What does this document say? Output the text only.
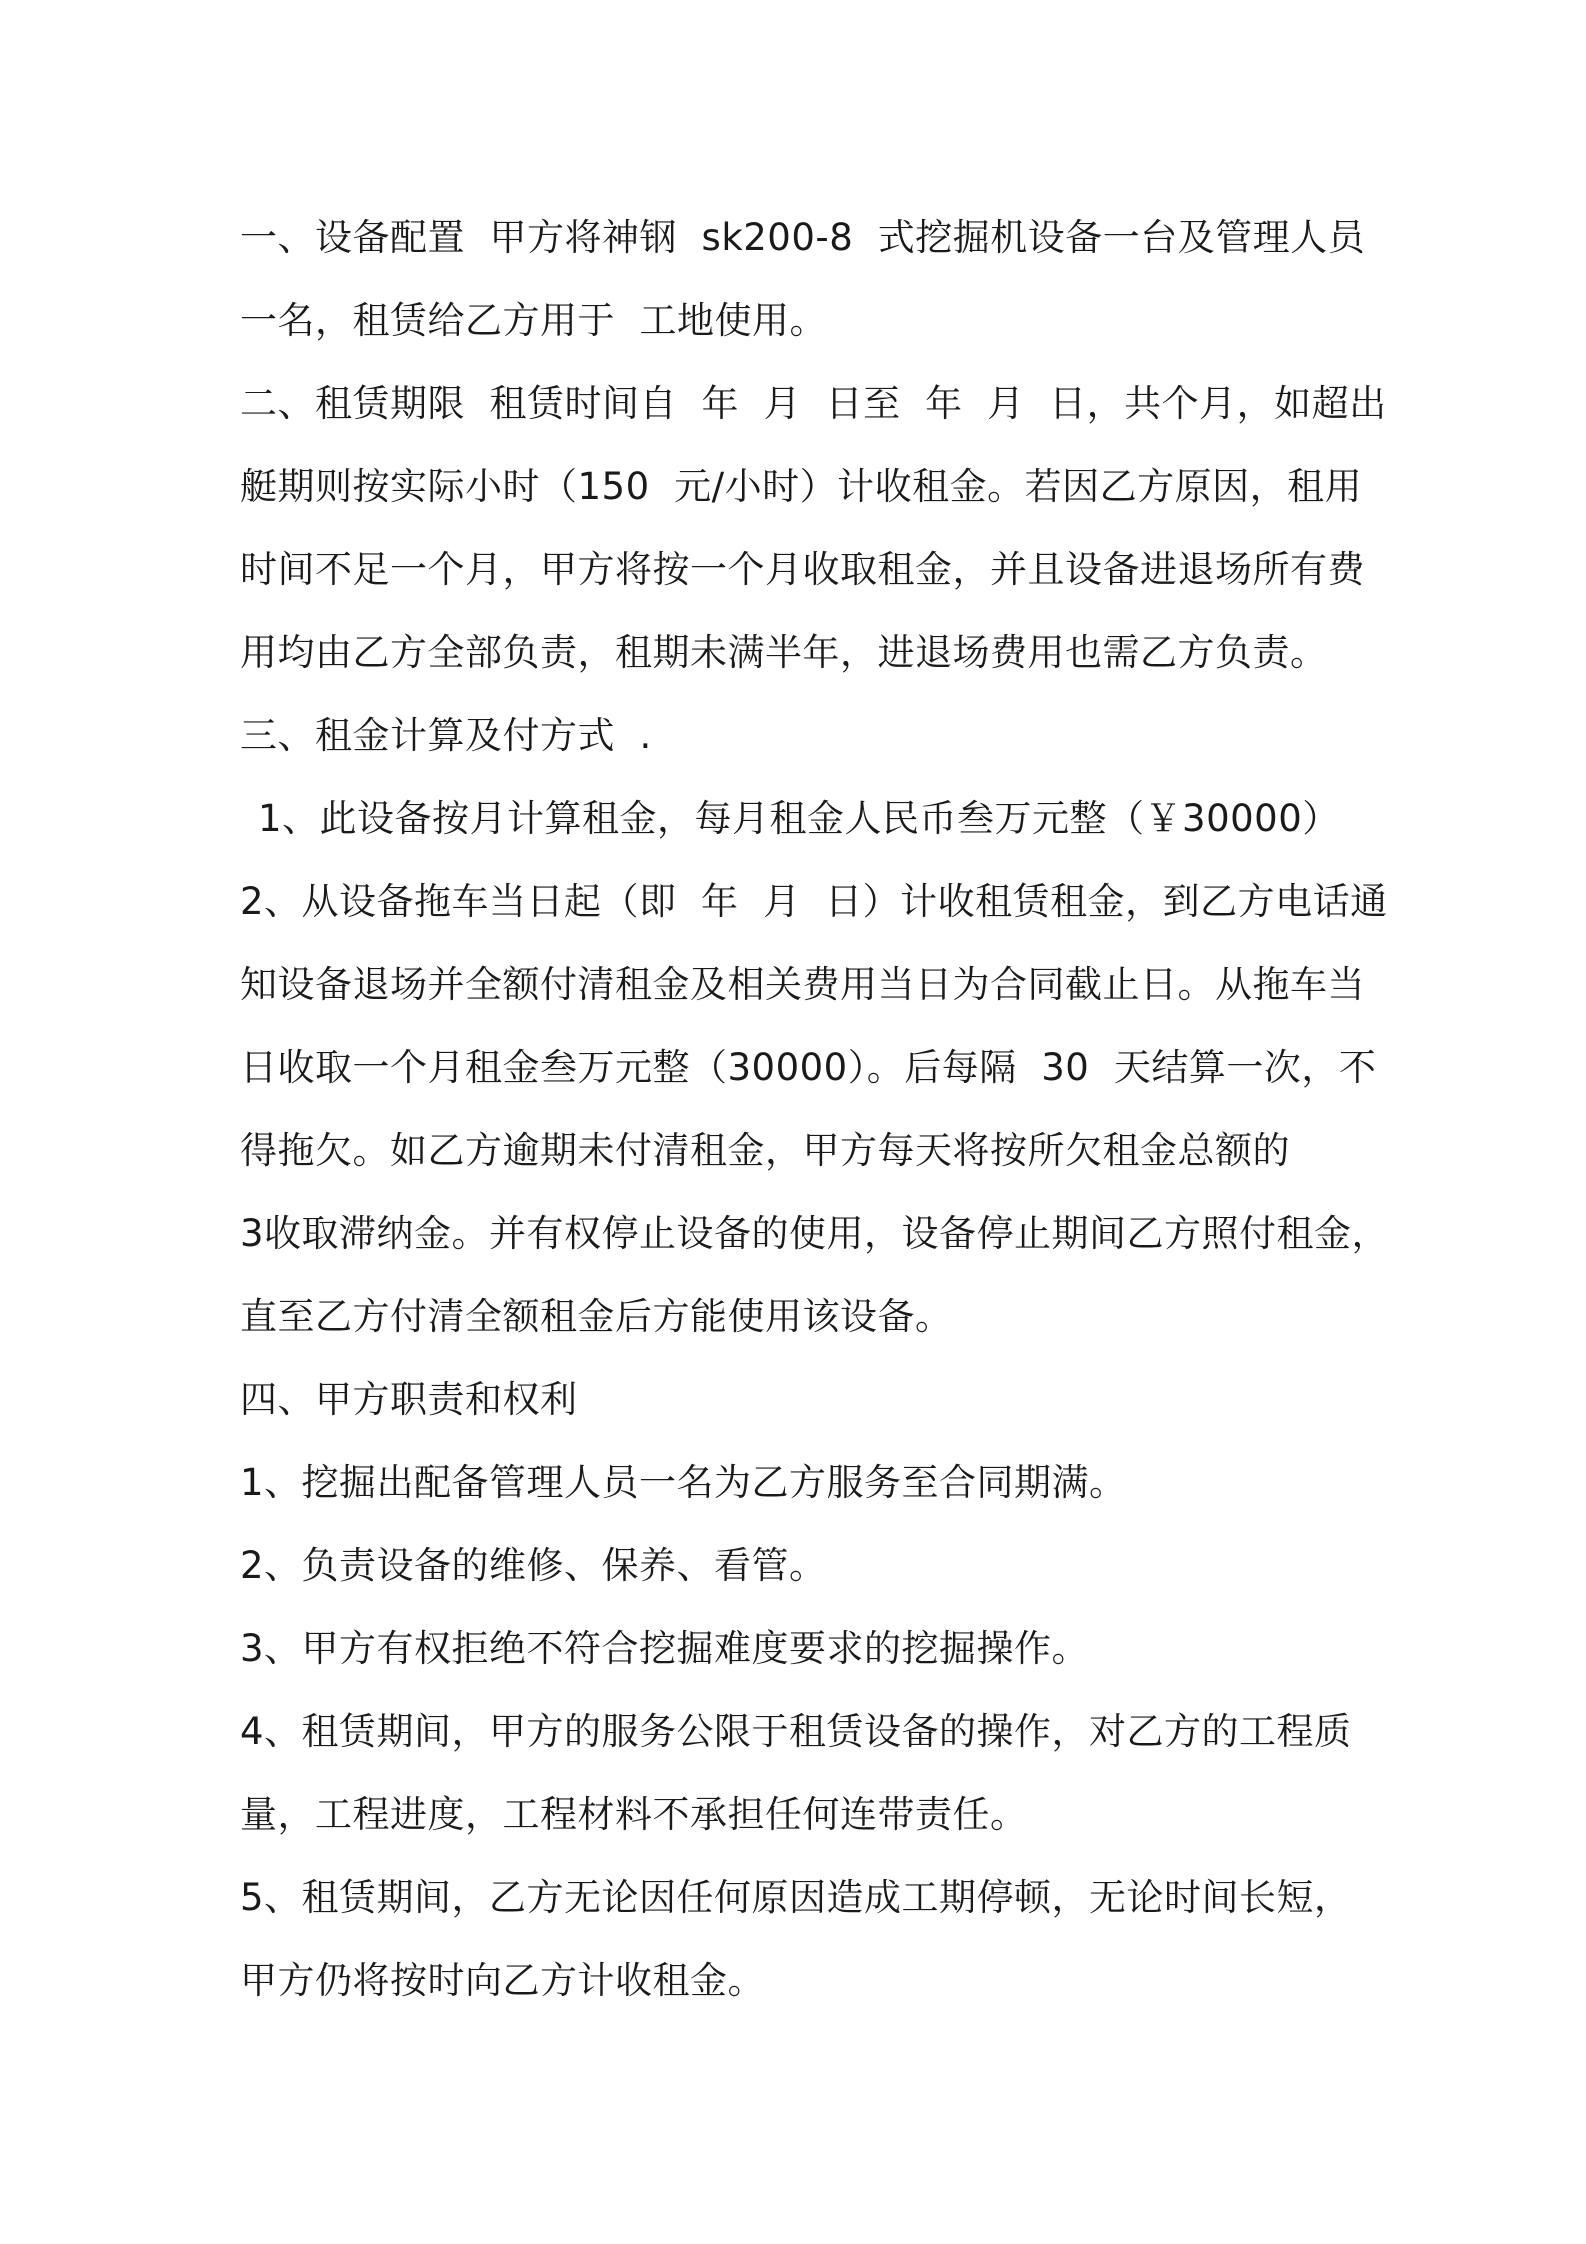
一、设备配置  甲方将神钢  sk200-8  式挖掘机设备一台及管理人员
一名，租赁给乙方用于  工地使用。
二、租赁期限  租赁时间自  年  月  日至  年  月  日，共个月，如超出
艇期则按实际小时（150  元/小时）计收租金。若因乙方原因，租用
时间不足一个月，甲方将按一个月收取租金，并且设备进退场所有费
用均由乙方全部负责，租期未满半年，进退场费用也需乙方负责。
三、租金计算及付方式  .
1、此设备按月计算租金，每月租金人民币叁万元整（￥30000）
2、从设备拖车当日起（即  年  月  日）计收租赁租金，到乙方电话通
知设备退场并全额付清租金及相关费用当日为合同截止日。从拖车当
日收取一个月租金叁万元整（30000）。后每隔  30  天结算一次，不
得拖欠。如乙方逾期未付清租金，甲方每天将按所欠租金总额的
3收取滞纳金。并有权停止设备的使用，设备停止期间乙方照付租金，
直至乙方付清全额租金后方能使用该设备。
四、甲方职责和权利
1、挖掘出配备管理人员一名为乙方服务至合同期满。
2、负责设备的维修、保养、看管。
3、甲方有权拒绝不符合挖掘难度要求的挖掘操作。
4、租赁期间，甲方的服务公限于租赁设备的操作，对乙方的工程质
量，工程进度，工程材料不承担任何连带责任。
5、租赁期间，乙方无论因任何原因造成工期停顿，无论时间长短，
甲方仍将按时向乙方计收租金。
